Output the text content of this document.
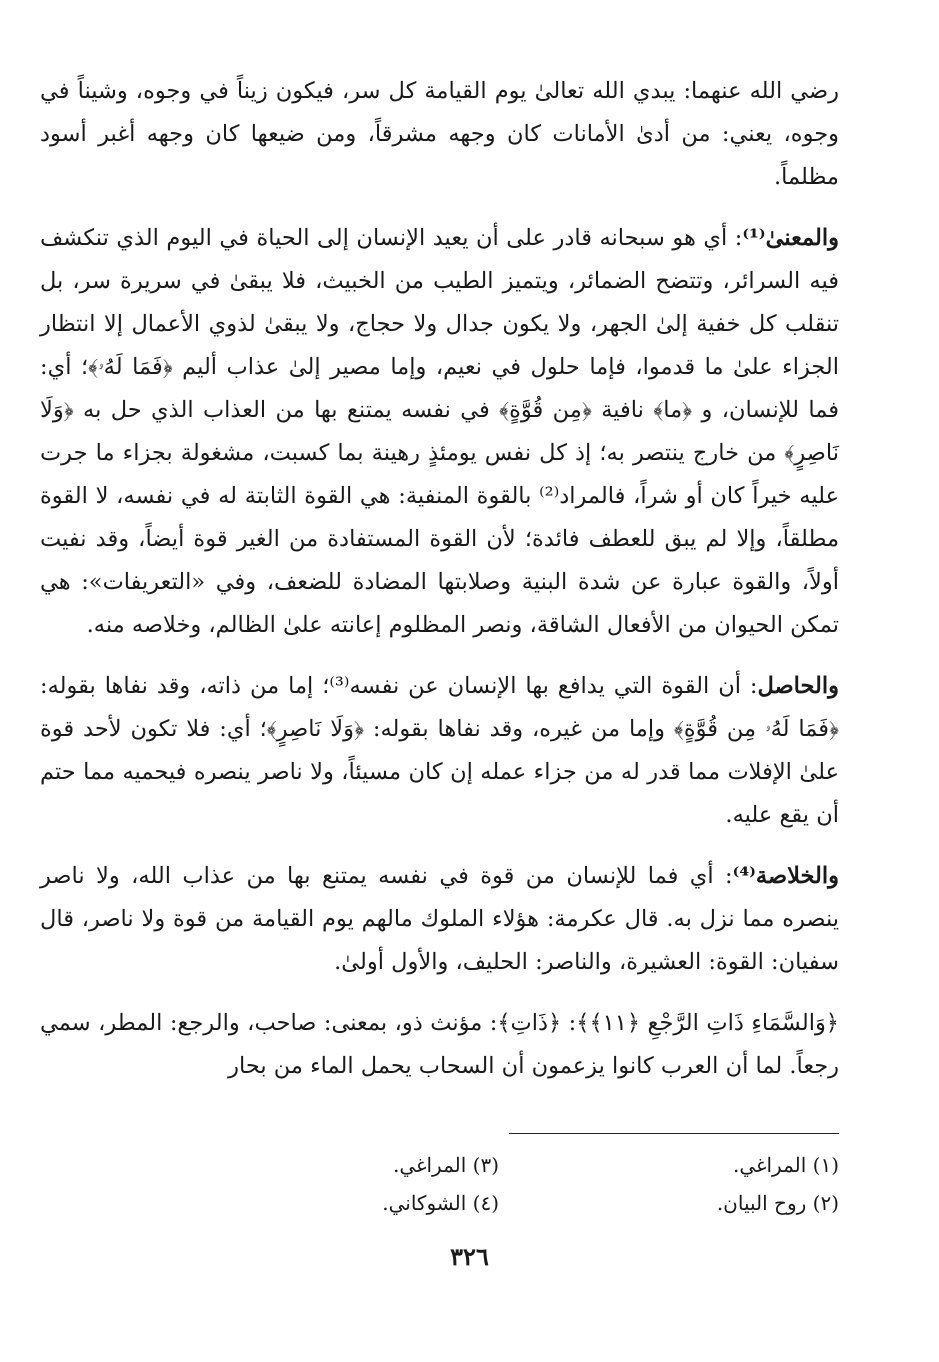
رضي الله عنهما: يبدي الله تعالىٰ يوم القيامة كل سر، فيكون زيناً في وجوه، وشيناً في وجوه، يعني: من أدىٰ الأمانات كان وجهه مشرقاً، ومن ضيعها كان وجهه أغبر أسود مظلماً.

والمعنىٰ⁽¹⁾: أي هو سبحانه قادر على أن يعيد الإنسان إلى الحياة في اليوم الذي تنكشف فيه السرائر، وتتضح الضمائر، ويتميز الطيب من الخبيث، فلا يبقىٰ في سريرة سر، بل تنقلب كل خفية إلىٰ الجهر، ولا يكون جدال ولا حجاج، ولا يبقىٰ لذوي الأعمال إلا انتظار الجزاء علىٰ ما قدموا، فإما حلول في نعيم، وإما مصير إلىٰ عذاب أليم ﴿فَمَا لَهُۥ﴾؛ أي: فما للإنسان، و ﴿ما﴾ نافية ﴿مِن قُوَّةٍ﴾ في نفسه يمتنع بها من العذاب الذي حل به ﴿وَلَا نَاصِرٍ﴾ من خارج ينتصر به؛ إذ كل نفس يومئذٍ رهينة بما كسبت، مشغولة بجزاء ما جرت عليه خيراً كان أو شراً، فالمراد⁽²⁾ بالقوة المنفية: هي القوة الثابتة له في نفسه، لا القوة مطلقاً، وإلا لم يبق للعطف فائدة؛ لأن القوة المستفادة من الغير قوة أيضاً، وقد نفيت أولاً، والقوة عبارة عن شدة البنية وصلابتها المضادة للضعف، وفي «التعريفات»: هي تمكن الحيوان من الأفعال الشاقة، ونصر المظلوم إعانته علىٰ الظالم، وخلاصه منه.

والحاصل: أن القوة التي يدافع بها الإنسان عن نفسه⁽³⁾؛ إما من ذاته، وقد نفاها بقوله: ﴿فَمَا لَهُۥ مِن قُوَّةٍ﴾ وإما من غيره، وقد نفاها بقوله: ﴿وَلَا نَاصِرٍ﴾؛ أي: فلا تكون لأحد قوة علىٰ الإفلات مما قدر له من جزاء عمله إن كان مسيئاً، ولا ناصر ينصره فيحميه مما حتم أن يقع عليه.

والخلاصة⁽⁴⁾: أي فما للإنسان من قوة في نفسه يمتنع بها من عذاب الله، ولا ناصر ينصره مما نزل به. قال عكرمة: هؤلاء الملوك مالهم يوم القيامة من قوة ولا ناصر، قال سفيان: القوة: العشيرة، والناصر: الحليف، والأول أولىٰ.

﴿وَالسَّمَاءِ ذَاتِ الرَّجْعِ ﴿١١﴾﴾: ﴿ذَاتِ﴾: مؤنث ذو، بمعنى: صاحب، والرجع: المطر، سمي رجعاً. لما أن العرب كانوا يزعمون أن السحاب يحمل الماء من بحار

(١) المراغي.
(٣) المراغي.
(٢) روح البيان.
(٤) الشوكاني.
٣٢٦
